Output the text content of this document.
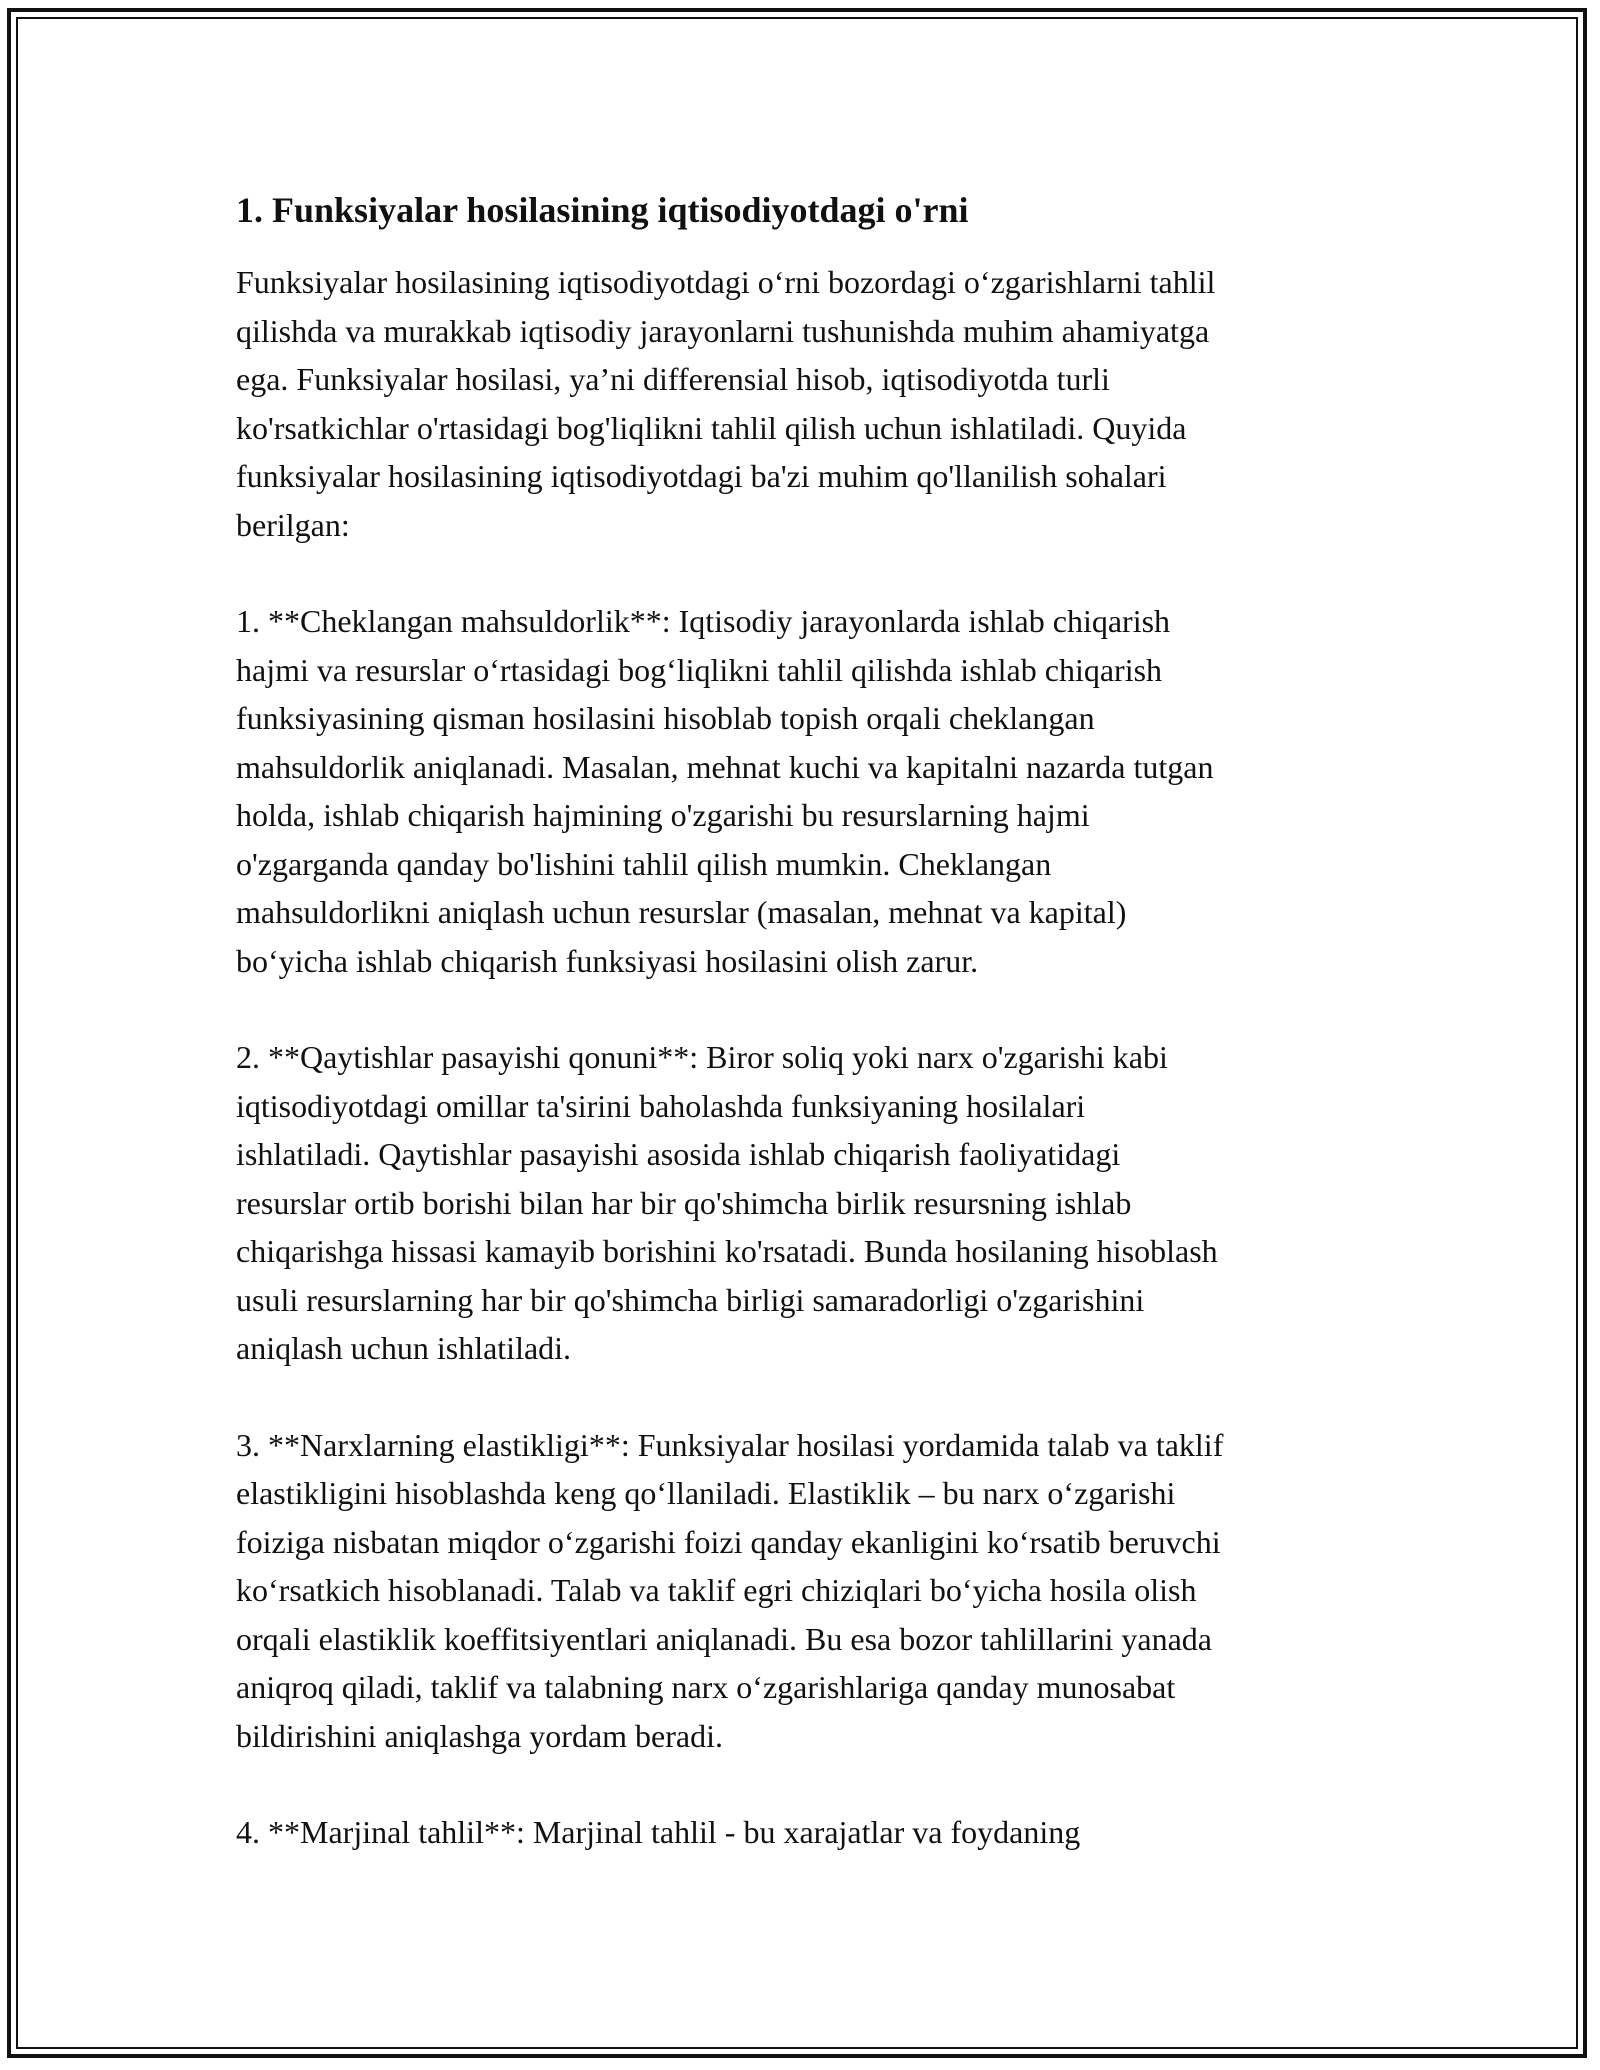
1. Funksiyalar hosilasining iqtisodiyotdagi o'rni

Funksiyalar hosilasining iqtisodiyotdagi o‘rni bozordagi o‘zgarishlarni tahlil
qilishda va murakkab iqtisodiy jarayonlarni tushunishda muhim ahamiyatga
ega. Funksiyalar hosilasi, ya’ni differensial hisob, iqtisodiyotda turli
ko'rsatkichlar o'rtasidagi bog'liqlikni tahlil qilish uchun ishlatiladi. Quyida
funksiyalar hosilasining iqtisodiyotdagi ba'zi muhim qo'llanilish sohalari
berilgan:

1. **Cheklangan mahsuldorlik**: Iqtisodiy jarayonlarda ishlab chiqarish
hajmi va resurslar o‘rtasidagi bog‘liqlikni tahlil qilishda ishlab chiqarish
funksiyasining qisman hosilasini hisoblab topish orqali cheklangan
mahsuldorlik aniqlanadi. Masalan, mehnat kuchi va kapitalni nazarda tutgan
holda, ishlab chiqarish hajmining o'zgarishi bu resurslarning hajmi
o'zgarganda qanday bo'lishini tahlil qilish mumkin. Cheklangan
mahsuldorlikni aniqlash uchun resurslar (masalan, mehnat va kapital)
bo‘yicha ishlab chiqarish funksiyasi hosilasini olish zarur.

2. **Qaytishlar pasayishi qonuni**: Biror soliq yoki narx o'zgarishi kabi
iqtisodiyotdagi omillar ta'sirini baholashda funksiyaning hosilalari
ishlatiladi. Qaytishlar pasayishi asosida ishlab chiqarish faoliyatidagi
resurslar ortib borishi bilan har bir qo'shimcha birlik resursning ishlab
chiqarishga hissasi kamayib borishini ko'rsatadi. Bunda hosilaning hisoblash
usuli resurslarning har bir qo'shimcha birligi samaradorligi o'zgarishini
aniqlash uchun ishlatiladi.

3. **Narxlarning elastikligi**: Funksiyalar hosilasi yordamida talab va taklif
elastikligini hisoblashda keng qo‘llaniladi. Elastiklik – bu narx o‘zgarishi
foiziga nisbatan miqdor o‘zgarishi foizi qanday ekanligini ko‘rsatib beruvchi
ko‘rsatkich hisoblanadi. Talab va taklif egri chiziqlari bo‘yicha hosila olish
orqali elastiklik koeffitsiyentlari aniqlanadi. Bu esa bozor tahlillarini yanada
aniqroq qiladi, taklif va talabning narx o‘zgarishlariga qanday munosabat
bildirishini aniqlashga yordam beradi.

4. **Marjinal tahlil**: Marjinal tahlil - bu xarajatlar va foydaning
